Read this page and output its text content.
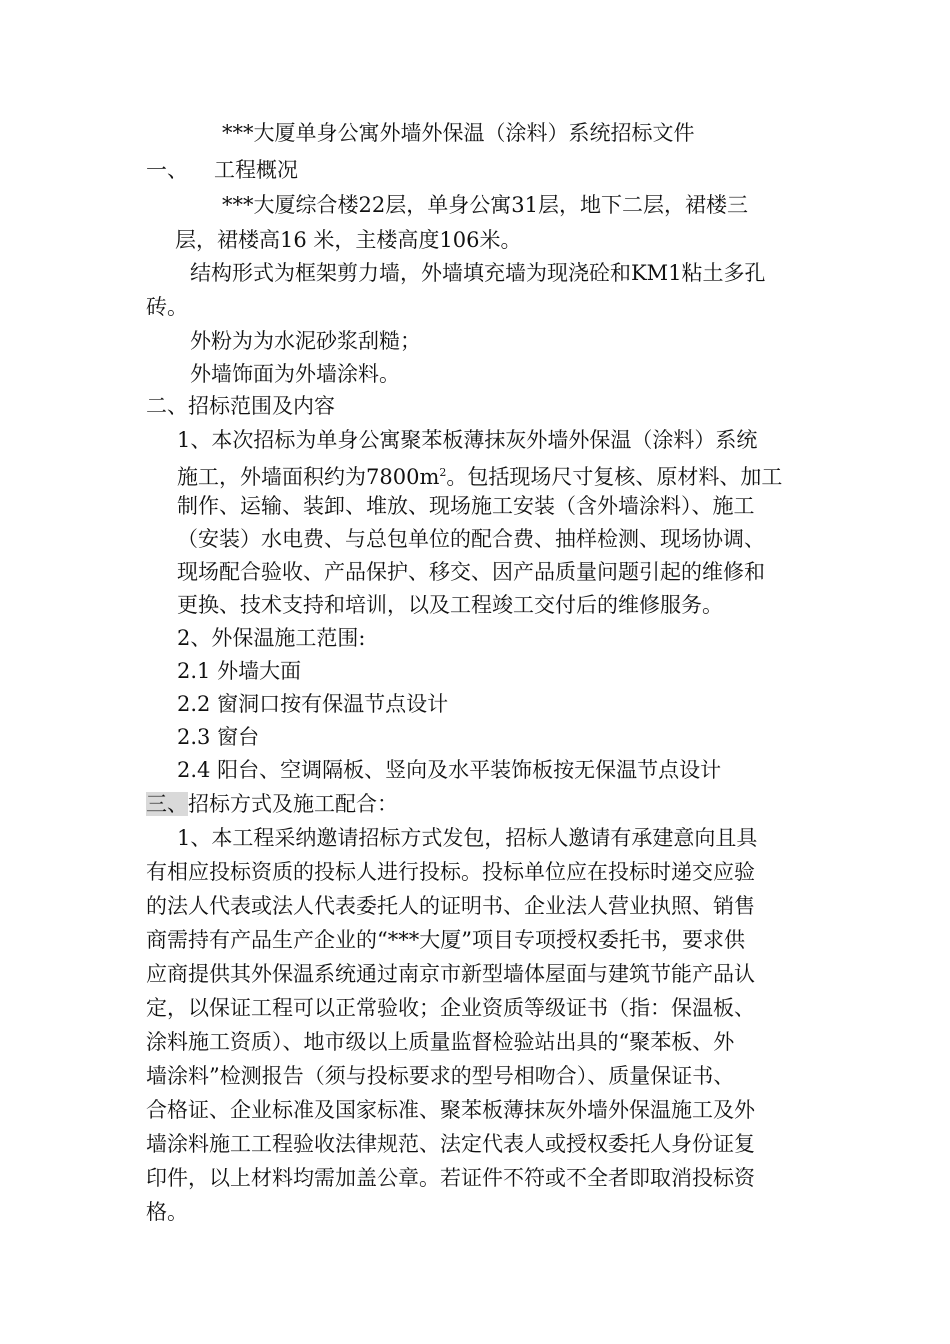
***大厦单身公寓外墙外保温（涂料）系统招标文件
一、 工程概况
***大厦综合楼22层，单身公寓31层，地下二层，裙楼三
层，裙楼高16 米，主楼高度106米。
结构形式为框架剪力墙，外墙填充墙为现浇砼和KM1粘土多孔
砖。
外粉为为水泥砂浆刮糙；
外墙饰面为外墙涂料。
二、招标范围及内容
1、本次招标为单身公寓聚苯板薄抹灰外墙外保温（涂料）系统
施工，外墙面积约为$7800m^2$。包括现场尺寸复核、原材料、加工
制作、运输、装卸、堆放、现场施工安装（含外墙涂料）、施工
（安装）水电费、与总包单位的配合费、抽样检测、现场协调、
现场配合验收、产品保护、移交、因产品质量问题引起的维修和
更换、技术支持和培训，以及工程竣工交付后的维修服务。
2、外保温施工范围:
2.1 外墙大面
2.2 窗洞口按有保温节点设计
2.3 窗台
2.4 阳台、空调隔板、竖向及水平装饰板按无保温节点设计
三、招标方式及施工配合：
1、本工程采纳邀请招标方式发包，招标人邀请有承建意向且具
有相应投标资质的投标人进行投标。投标单位应在投标时递交应验
的法人代表或法人代表委托人的证明书、企业法人营业执照、销售
商需持有产品生产企业的“***大厦”项目专项授权委托书，要求供
应商提供其外保温系统通过南京市新型墙体屋面与建筑节能产品认
定，以保证工程可以正常验收；企业资质等级证书（指：保温板、
涂料施工资质）、地市级以上质量监督检验站出具的“聚苯板、外
墙涂料”检测报告（须与投标要求的型号相吻合）、质量保证书、
合格证、企业标准及国家标准、聚苯板薄抹灰外墙外保温施工及外
墙涂料施工工程验收法律规范、法定代表人或授权委托人身份证复
印件，以上材料均需加盖公章。若证件不符或不全者即取消投标资
格。
